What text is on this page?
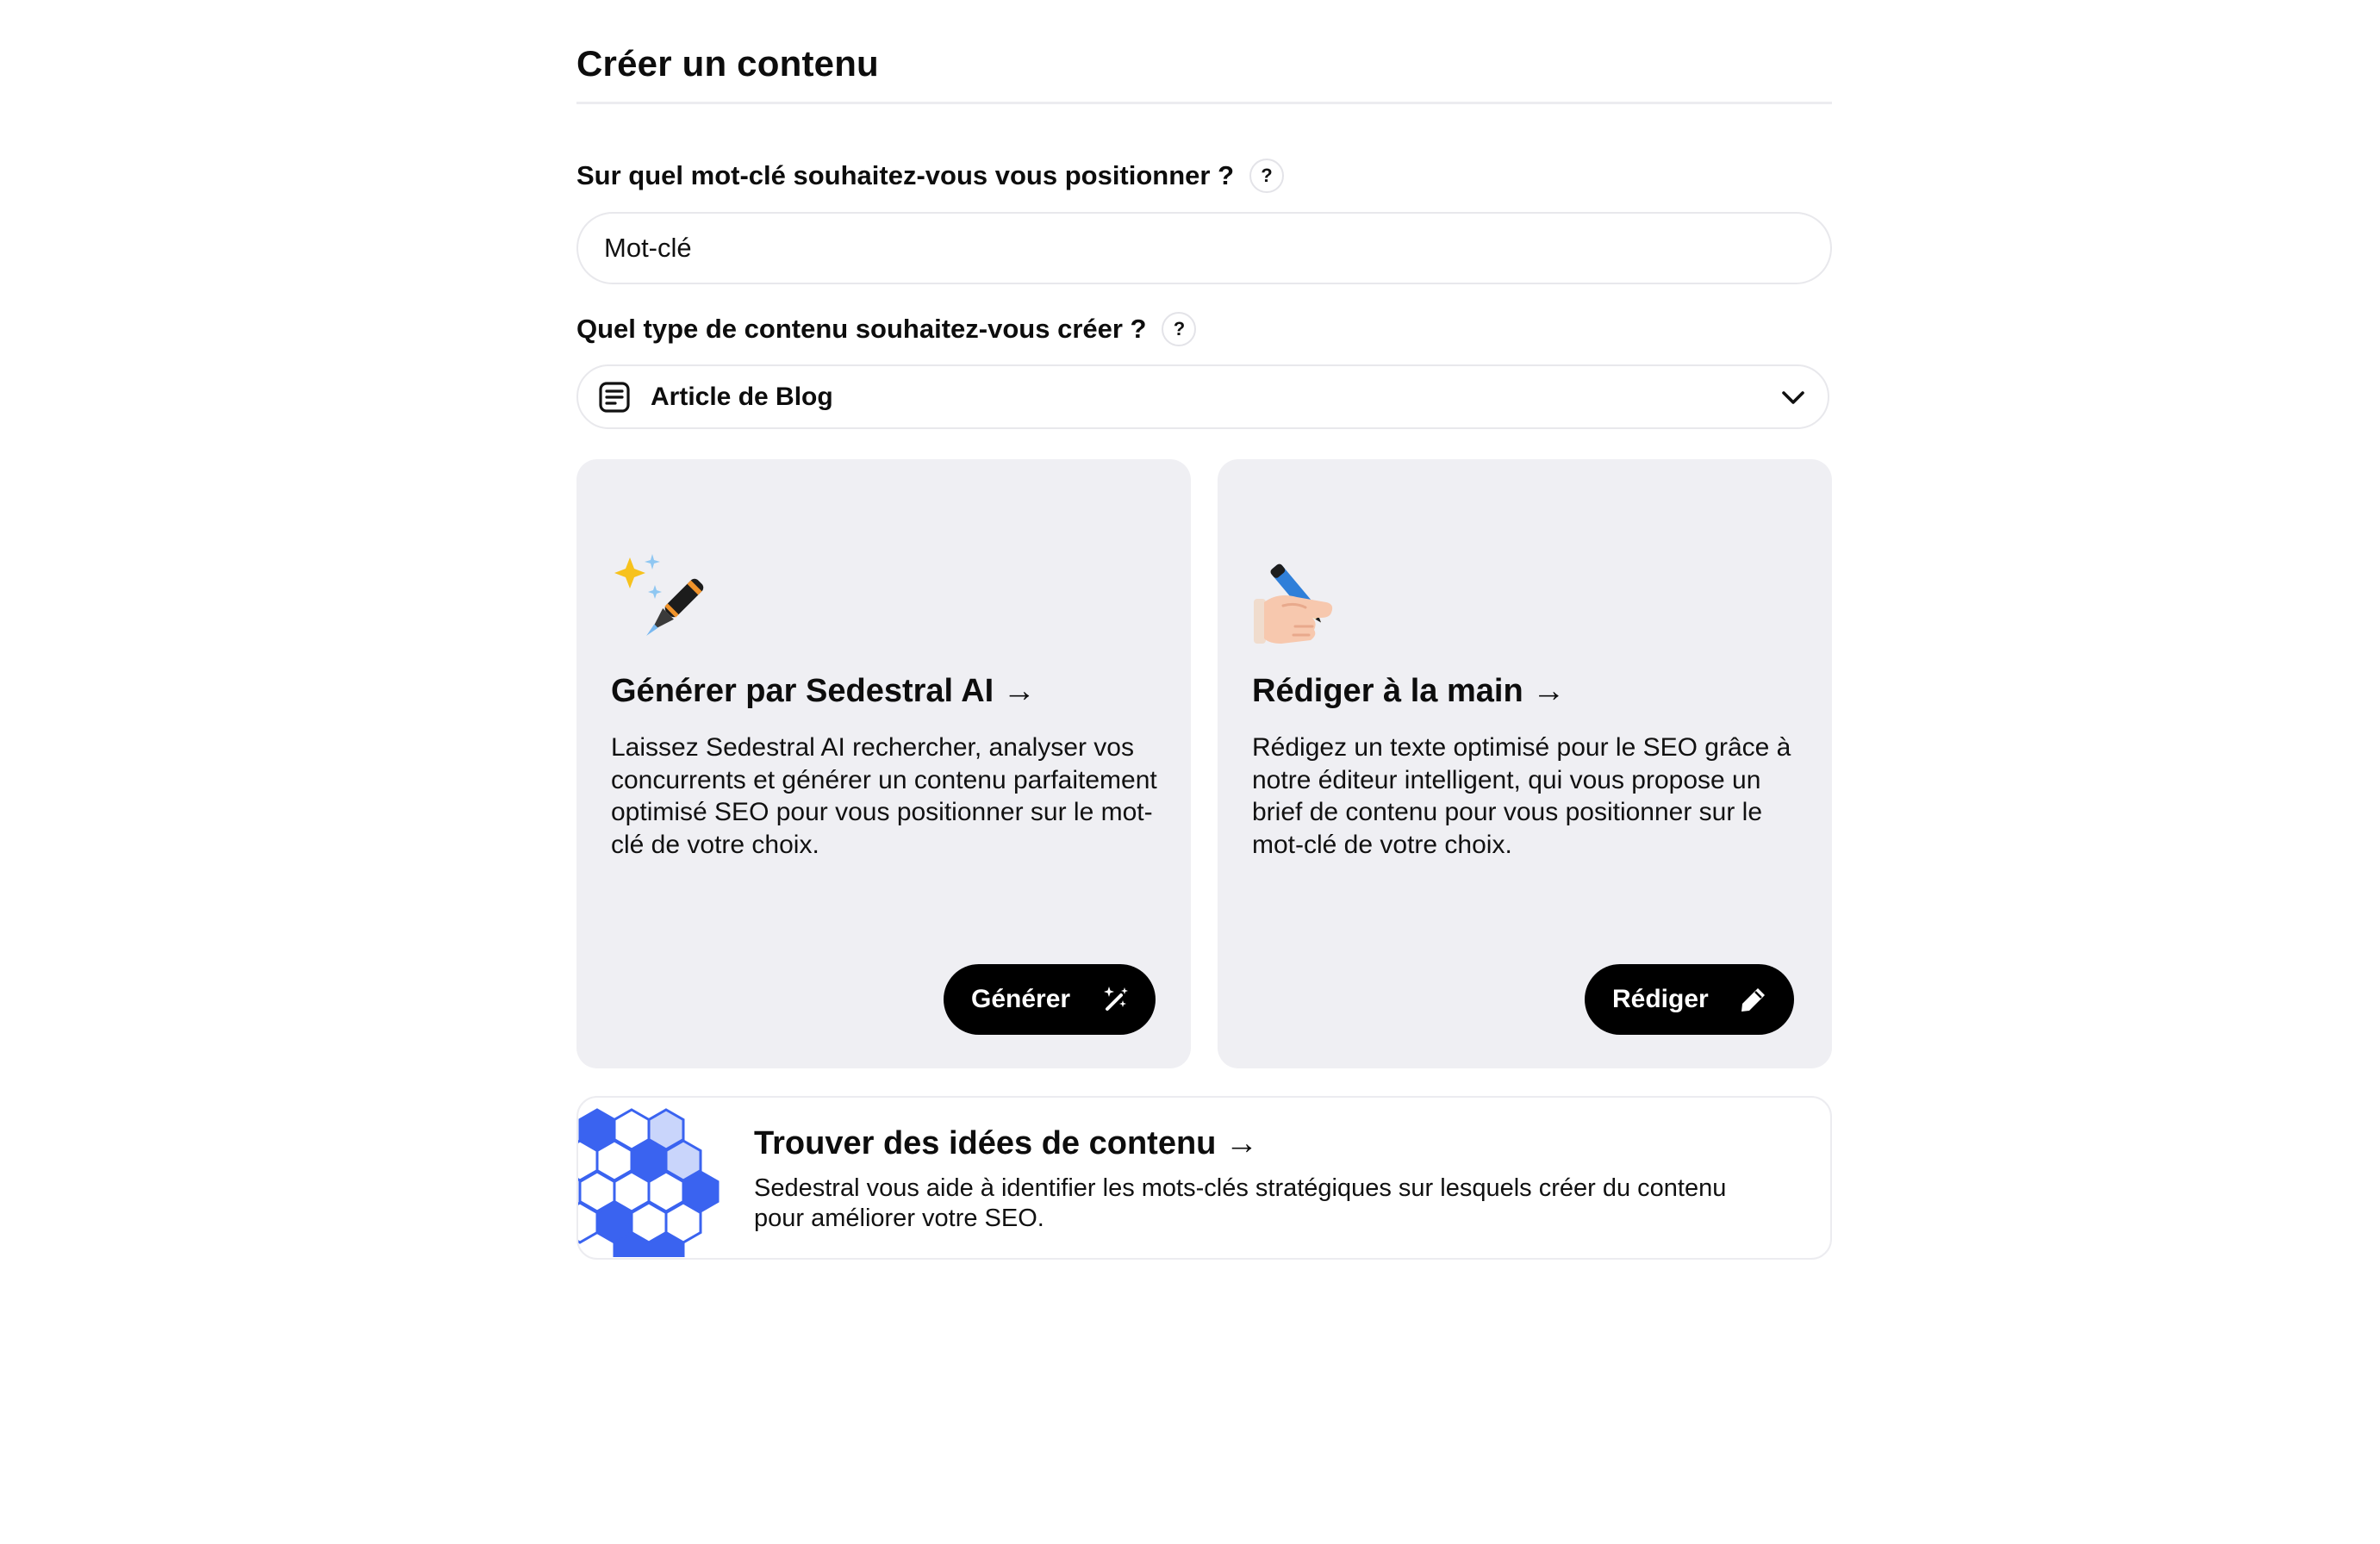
Créer un contenu
Sur quel mot-clé souhaitez-vous vous positionner ?	?
Mot-clé
Quel type de contenu souhaitez-vous créer ?	?
Article de Blog
Générer par Sedestral AI →
Laissez Sedestral AI rechercher, analyser vos concurrents et générer un contenu parfaitement optimisé SEO pour vous positionner sur le mot-clé de votre choix.
Générer
Rédiger à la main →
Rédigez un texte optimisé pour le SEO grâce à notre éditeur intelligent, qui vous propose un brief de contenu pour vous positionner sur le mot-clé de votre choix.
Rédiger
Trouver des idées de contenu →
Sedestral vous aide à identifier les mots-clés stratégiques sur lesquels créer du contenu pour améliorer votre SEO.
